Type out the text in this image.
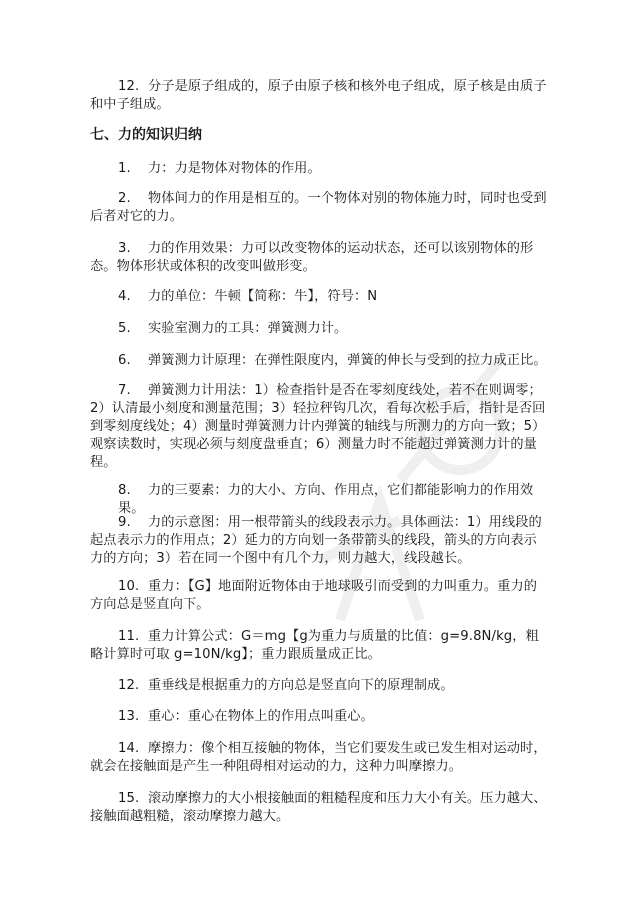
12. 分子是原子组成的，原子由原子核和核外电子组成，原子核是由质子和中子组成。
七、力的知识归纳
1. 力：力是物体对物体的作用。
2. 物体间力的作用是相互的。一个物体对别的物体施力时，同时也受到后者对它的力。
3. 力的作用效果：力可以改变物体的运动状态，还可以该别物体的形态。物体形状或体积的改变叫做形变。
4. 力的单位：牛顿【简称：牛】，符号：N
5. 实验室测力的工具：弹簧测力计。
6. 弹簧测力计原理：在弹性限度内，弹簧的伸长与受到的拉力成正比。
7. 弹簧测力计用法：1）检查指针是否在零刻度线处，若不在则调零；2）认清最小刻度和测量范围；3）轻拉秤钩几次，看每次松手后，指针是否回到零刻度线处；4）测量时弹簧测力计内弹簧的轴线与所测力的方向一致；5）观察读数时，实现必须与刻度盘垂直；6）测量力时不能超过弹簧测力计的量程。
8. 力的三要素：力的大小、方向、作用点，它们都能影响力的作用效果。
9. 力的示意图：用一根带箭头的线段表示力。具体画法：1）用线段的起点表示力的作用点；2）延力的方向划一条带箭头的线段，箭头的方向表示力的方向；3）若在同一个图中有几个力，则力越大，线段越长。
10. 重力：【G】地面附近物体由于地球吸引而受到的力叫重力。重力的方向总是竖直向下。
11. 重力计算公式：G＝mg【g为重力与质量的比值：g=9.8N/kg，粗略计算时可取 g=10N/kg】；重力跟质量成正比。
12. 重垂线是根据重力的方向总是竖直向下的原理制成。
13. 重心：重心在物体上的作用点叫重心。
14. 摩擦力：像个相互接触的物体，当它们要发生或已发生相对运动时，就会在接触面是产生一种阻碍相对运动的力，这种力叫摩擦力。
15. 滚动摩擦力的大小根接触面的粗糙程度和压力大小有关。压力越大、接触面越粗糙，滚动摩擦力越大。
